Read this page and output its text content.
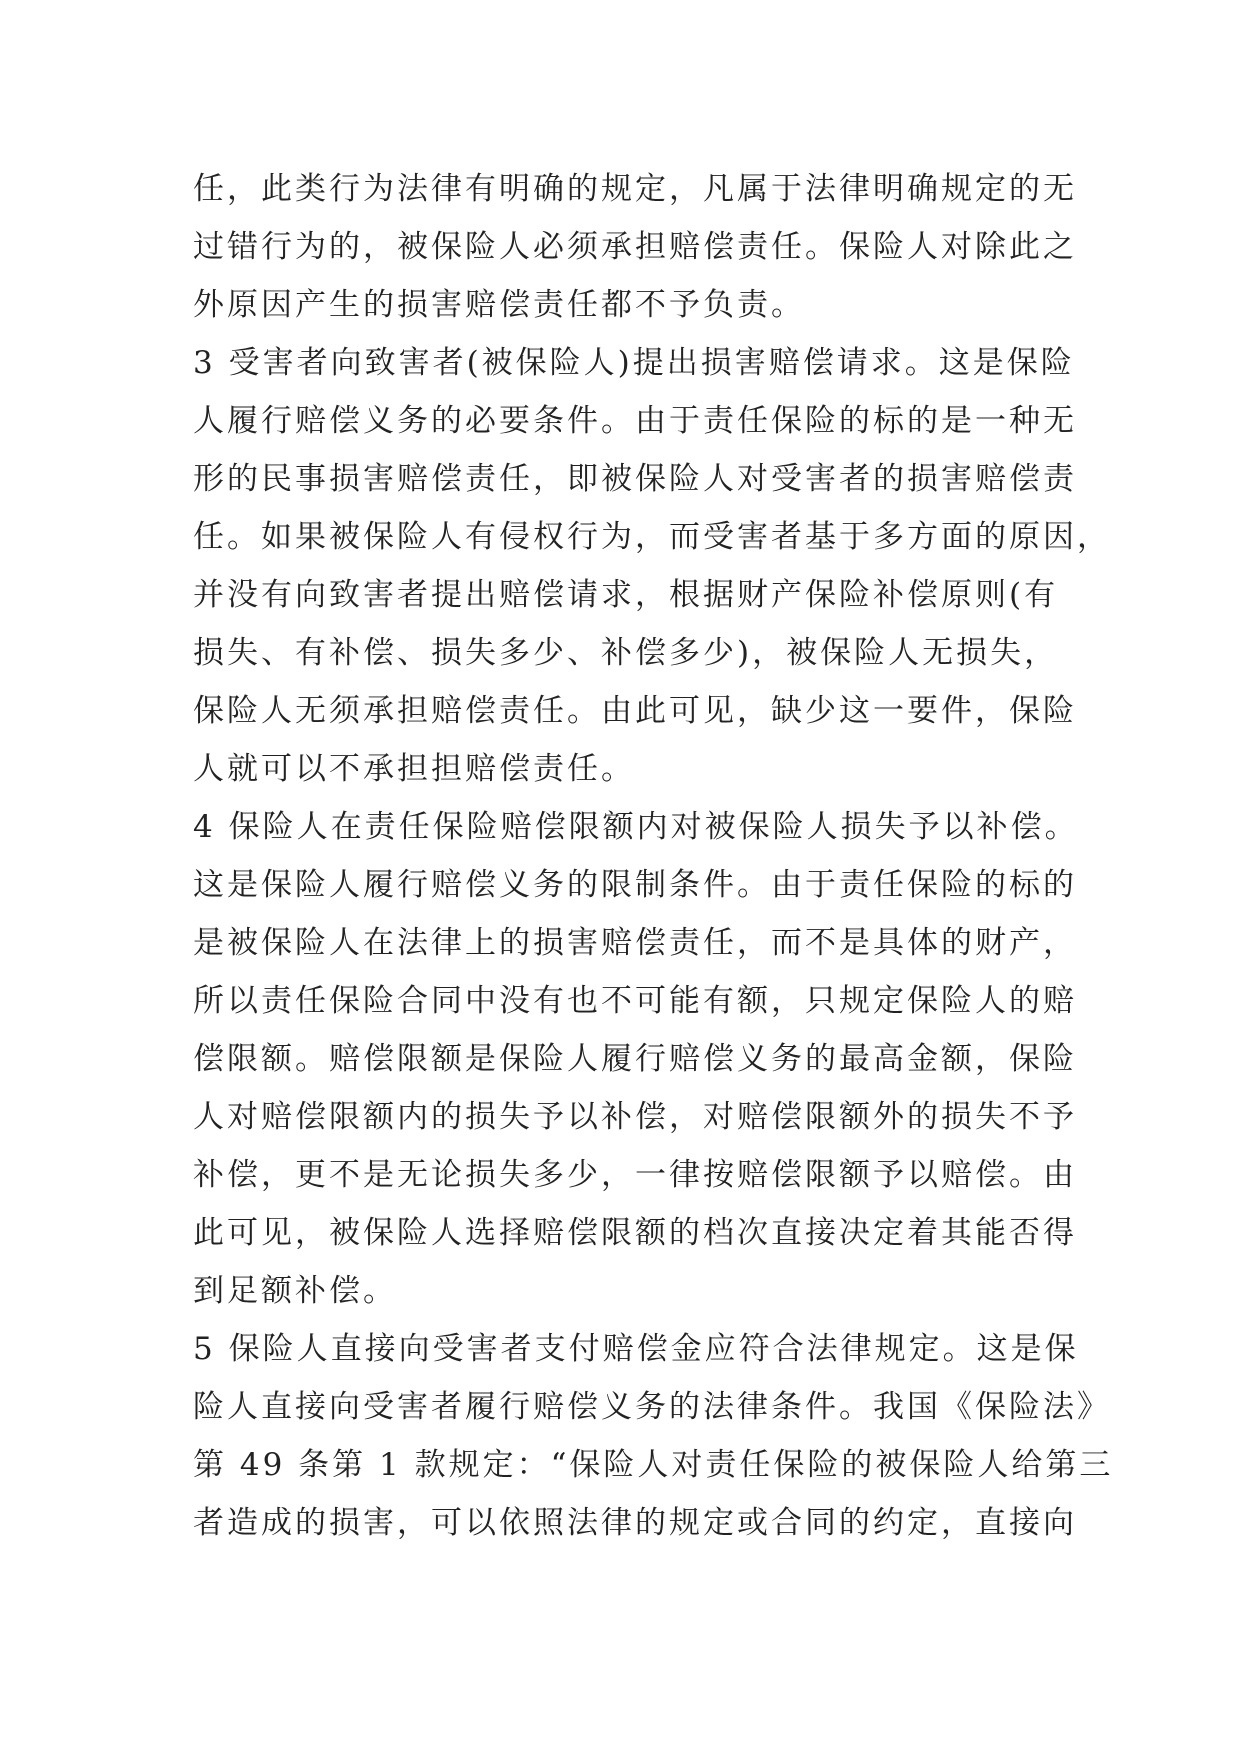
任，此类行为法律有明确的规定，凡属于法律明确规定的无
过错行为的，被保险人必须承担赔偿责任。保险人对除此之
外原因产生的损害赔偿责任都不予负责。
3 受害者向致害者(被保险人)提出损害赔偿请求。这是保险
人履行赔偿义务的必要条件。由于责任保险的标的是一种无
形的民事损害赔偿责任，即被保险人对受害者的损害赔偿责
任。如果被保险人有侵权行为，而受害者基于多方面的原因，
并没有向致害者提出赔偿请求，根据财产保险补偿原则(有
损失、有补偿、损失多少、补偿多少)，被保险人无损失，
保险人无须承担赔偿责任。由此可见，缺少这一要件，保险
人就可以不承担担赔偿责任。
4 保险人在责任保险赔偿限额内对被保险人损失予以补偿。
这是保险人履行赔偿义务的限制条件。由于责任保险的标的
是被保险人在法律上的损害赔偿责任，而不是具体的财产，
所以责任保险合同中没有也不可能有额，只规定保险人的赔
偿限额。赔偿限额是保险人履行赔偿义务的最高金额，保险
人对赔偿限额内的损失予以补偿，对赔偿限额外的损失不予
补偿，更不是无论损失多少，一律按赔偿限额予以赔偿。由
此可见，被保险人选择赔偿限额的档次直接决定着其能否得
到足额补偿。
5 保险人直接向受害者支付赔偿金应符合法律规定。这是保
险人直接向受害者履行赔偿义务的法律条件。我国《保险法》
第 49 条第 1 款规定：“保险人对责任保险的被保险人给第三
者造成的损害，可以依照法律的规定或合同的约定，直接向
